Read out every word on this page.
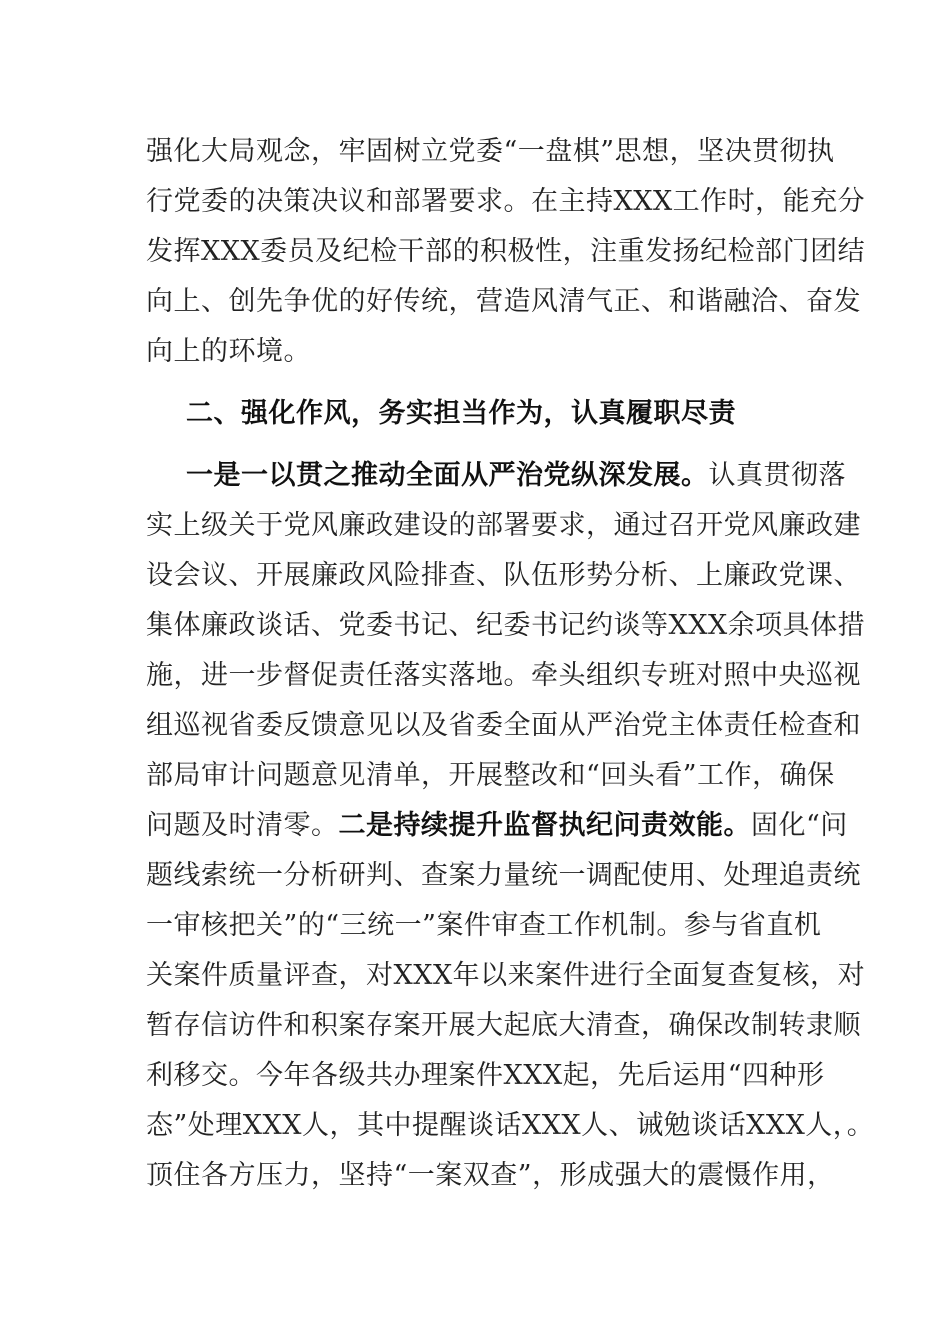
强化大局观念，牢固树立党委“一盘棋”思想，坚决贯彻执
行党委的决策决议和部署要求。在主持XXX工作时，能充分
发挥XXX委员及纪检干部的积极性，注重发扬纪检部门团结
向上、创先争优的好传统，营造风清气正、和谐融洽、奋发
向上的环境。
二、强化作风，务实担当作为，认真履职尽责
一是一以贯之推动全面从严治党纵深发展。认真贯彻落
实上级关于党风廉政建设的部署要求，通过召开党风廉政建
设会议、开展廉政风险排查、队伍形势分析、上廉政党课、
集体廉政谈话、党委书记、纪委书记约谈等XXX余项具体措
施，进一步督促责任落实落地。牵头组织专班对照中央巡视
组巡视省委反馈意见以及省委全面从严治党主体责任检查和
部局审计问题意见清单，开展整改和“回头看”工作，确保
问题及时清零。二是持续提升监督执纪问责效能。固化“问
题线索统一分析研判、查案力量统一调配使用、处理追责统
一审核把关”的“三统一”案件审查工作机制。参与省直机
关案件质量评查，对XXX年以来案件进行全面复查复核，对
暂存信访件和积案存案开展大起底大清查，确保改制转隶顺
利移交。今年各级共办理案件XXX起，先后运用“四种形
态”处理XXX人，其中提醒谈话XXX人、诫勉谈话XXX人，。
顶住各方压力，坚持“一案双查”，形成强大的震慑作用，
